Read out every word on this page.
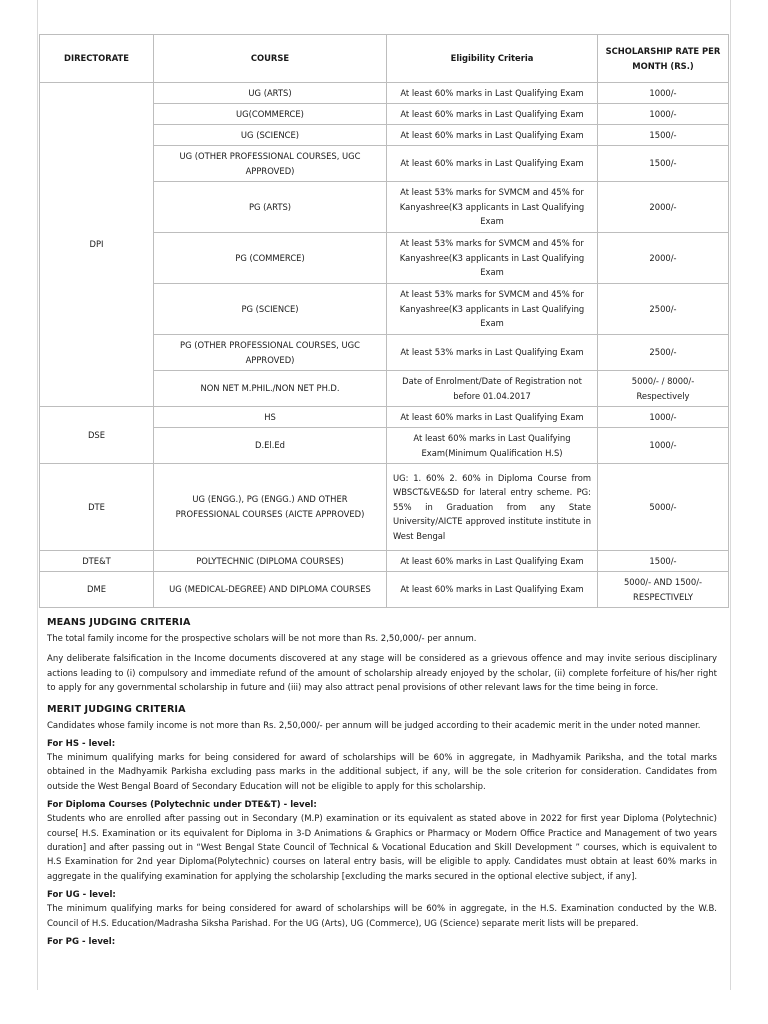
DIRECTORATE	COURSE	Eligibility Criteria	SCHOLARSHIP RATE PER MONTH (RS.)
DPI	UG (ARTS)	At least 60% marks in Last Qualifying Exam	1000/-
	UG(COMMERCE)	At least 60% marks in Last Qualifying Exam	1000/-
	UG (SCIENCE)	At least 60% marks in Last Qualifying Exam	1500/-
	UG (OTHER PROFESSIONAL COURSES, UGC APPROVED)	At least 60% marks in Last Qualifying Exam	1500/-
	PG (ARTS)	At least 53% marks for SVMCM and 45% for Kanyashree(K3 applicants in Last Qualifying Exam	2000/-
	PG (COMMERCE)	At least 53% marks for SVMCM and 45% for Kanyashree(K3 applicants in Last Qualifying Exam	2000/-
	PG (SCIENCE)	At least 53% marks for SVMCM and 45% for Kanyashree(K3 applicants in Last Qualifying Exam	2500/-
	PG (OTHER PROFESSIONAL COURSES, UGC APPROVED)	At least 53% marks in Last Qualifying Exam	2500/-
	NON NET M.PHIL./NON NET PH.D.	Date of Enrolment/Date of Registration not before 01.04.2017	5000/- / 8000/- Respectively
DSE	HS	At least 60% marks in Last Qualifying Exam	1000/-
	D.El.Ed	At least 60% marks in Last Qualifying Exam(Minimum Qualification H.S)	1000/-
DTE	UG (ENGG.), PG (ENGG.) AND OTHER PROFESSIONAL COURSES (AICTE APPROVED)	UG: 1. 60% 2. 60% in Diploma Course from WBSCT&VE&SD for lateral entry scheme. PG: 55% in Graduation from any State University/AICTE approved institute institute in West Bengal	5000/-
DTE&T	POLYTECHNIC (DIPLOMA COURSES)	At least 60% marks in Last Qualifying Exam	1500/-
DME	UG (MEDICAL-DEGREE) AND DIPLOMA COURSES	At least 60% marks in Last Qualifying Exam	5000/- AND 1500/- RESPECTIVELY
MEANS JUDGING CRITERIA

The total family income for the prospective scholars will be not more than Rs. 2,50,000/- per annum.

Any deliberate falsification in the Income documents discovered at any stage will be considered as a grievous offence and may invite serious disciplinary actions leading to (i) compulsory and immediate refund of the amount of scholarship already enjoyed by the scholar, (ii) complete forfeiture of his/her right to apply for any governmental scholarship in future and (iii) may also attract penal provisions of other relevant laws for the time being in force.

MERIT JUDGING CRITERIA

Candidates whose family income is not more than Rs. 2,50,000/- per annum will be judged according to their academic merit in the under noted manner.

For HS - level:

The minimum qualifying marks for being considered for award of scholarships will be 60% in aggregate, in Madhyamik Pariksha, and the total marks obtained in the Madhyamik Parkisha excluding pass marks in the additional subject, if any, will be the sole criterion for consideration. Candidates from outside the West Bengal Board of Secondary Education will not be eligible to apply for this scholarship.

For Diploma Courses (Polytechnic under DTE&T) - level:

Students who are enrolled after passing out in Secondary (M.P) examination or its equivalent as stated above in 2022 for first year Diploma (Polytechnic) course[ H.S. Examination or its equivalent for Diploma in 3-D Animations & Graphics or Pharmacy or Modern Office Practice and Management of two years duration] and after passing out in “West Bengal State Council of Technical & Vocational Education and Skill Development ” courses, which is equivalent to H.S Examination for 2nd year Diploma(Polytechnic) courses on lateral entry basis, will be eligible to apply. Candidates must obtain at least 60% marks in aggregate in the qualifying examination for applying the scholarship [excluding the marks secured in the optional elective subject, if any].

For UG - level:

The minimum qualifying marks for being considered for award of scholarships will be 60% in aggregate, in the H.S. Examination conducted by the W.B. Council of H.S. Education/Madrasha Siksha Parishad. For the UG (Arts), UG (Commerce), UG (Science) separate merit lists will be prepared.

For PG - level:
